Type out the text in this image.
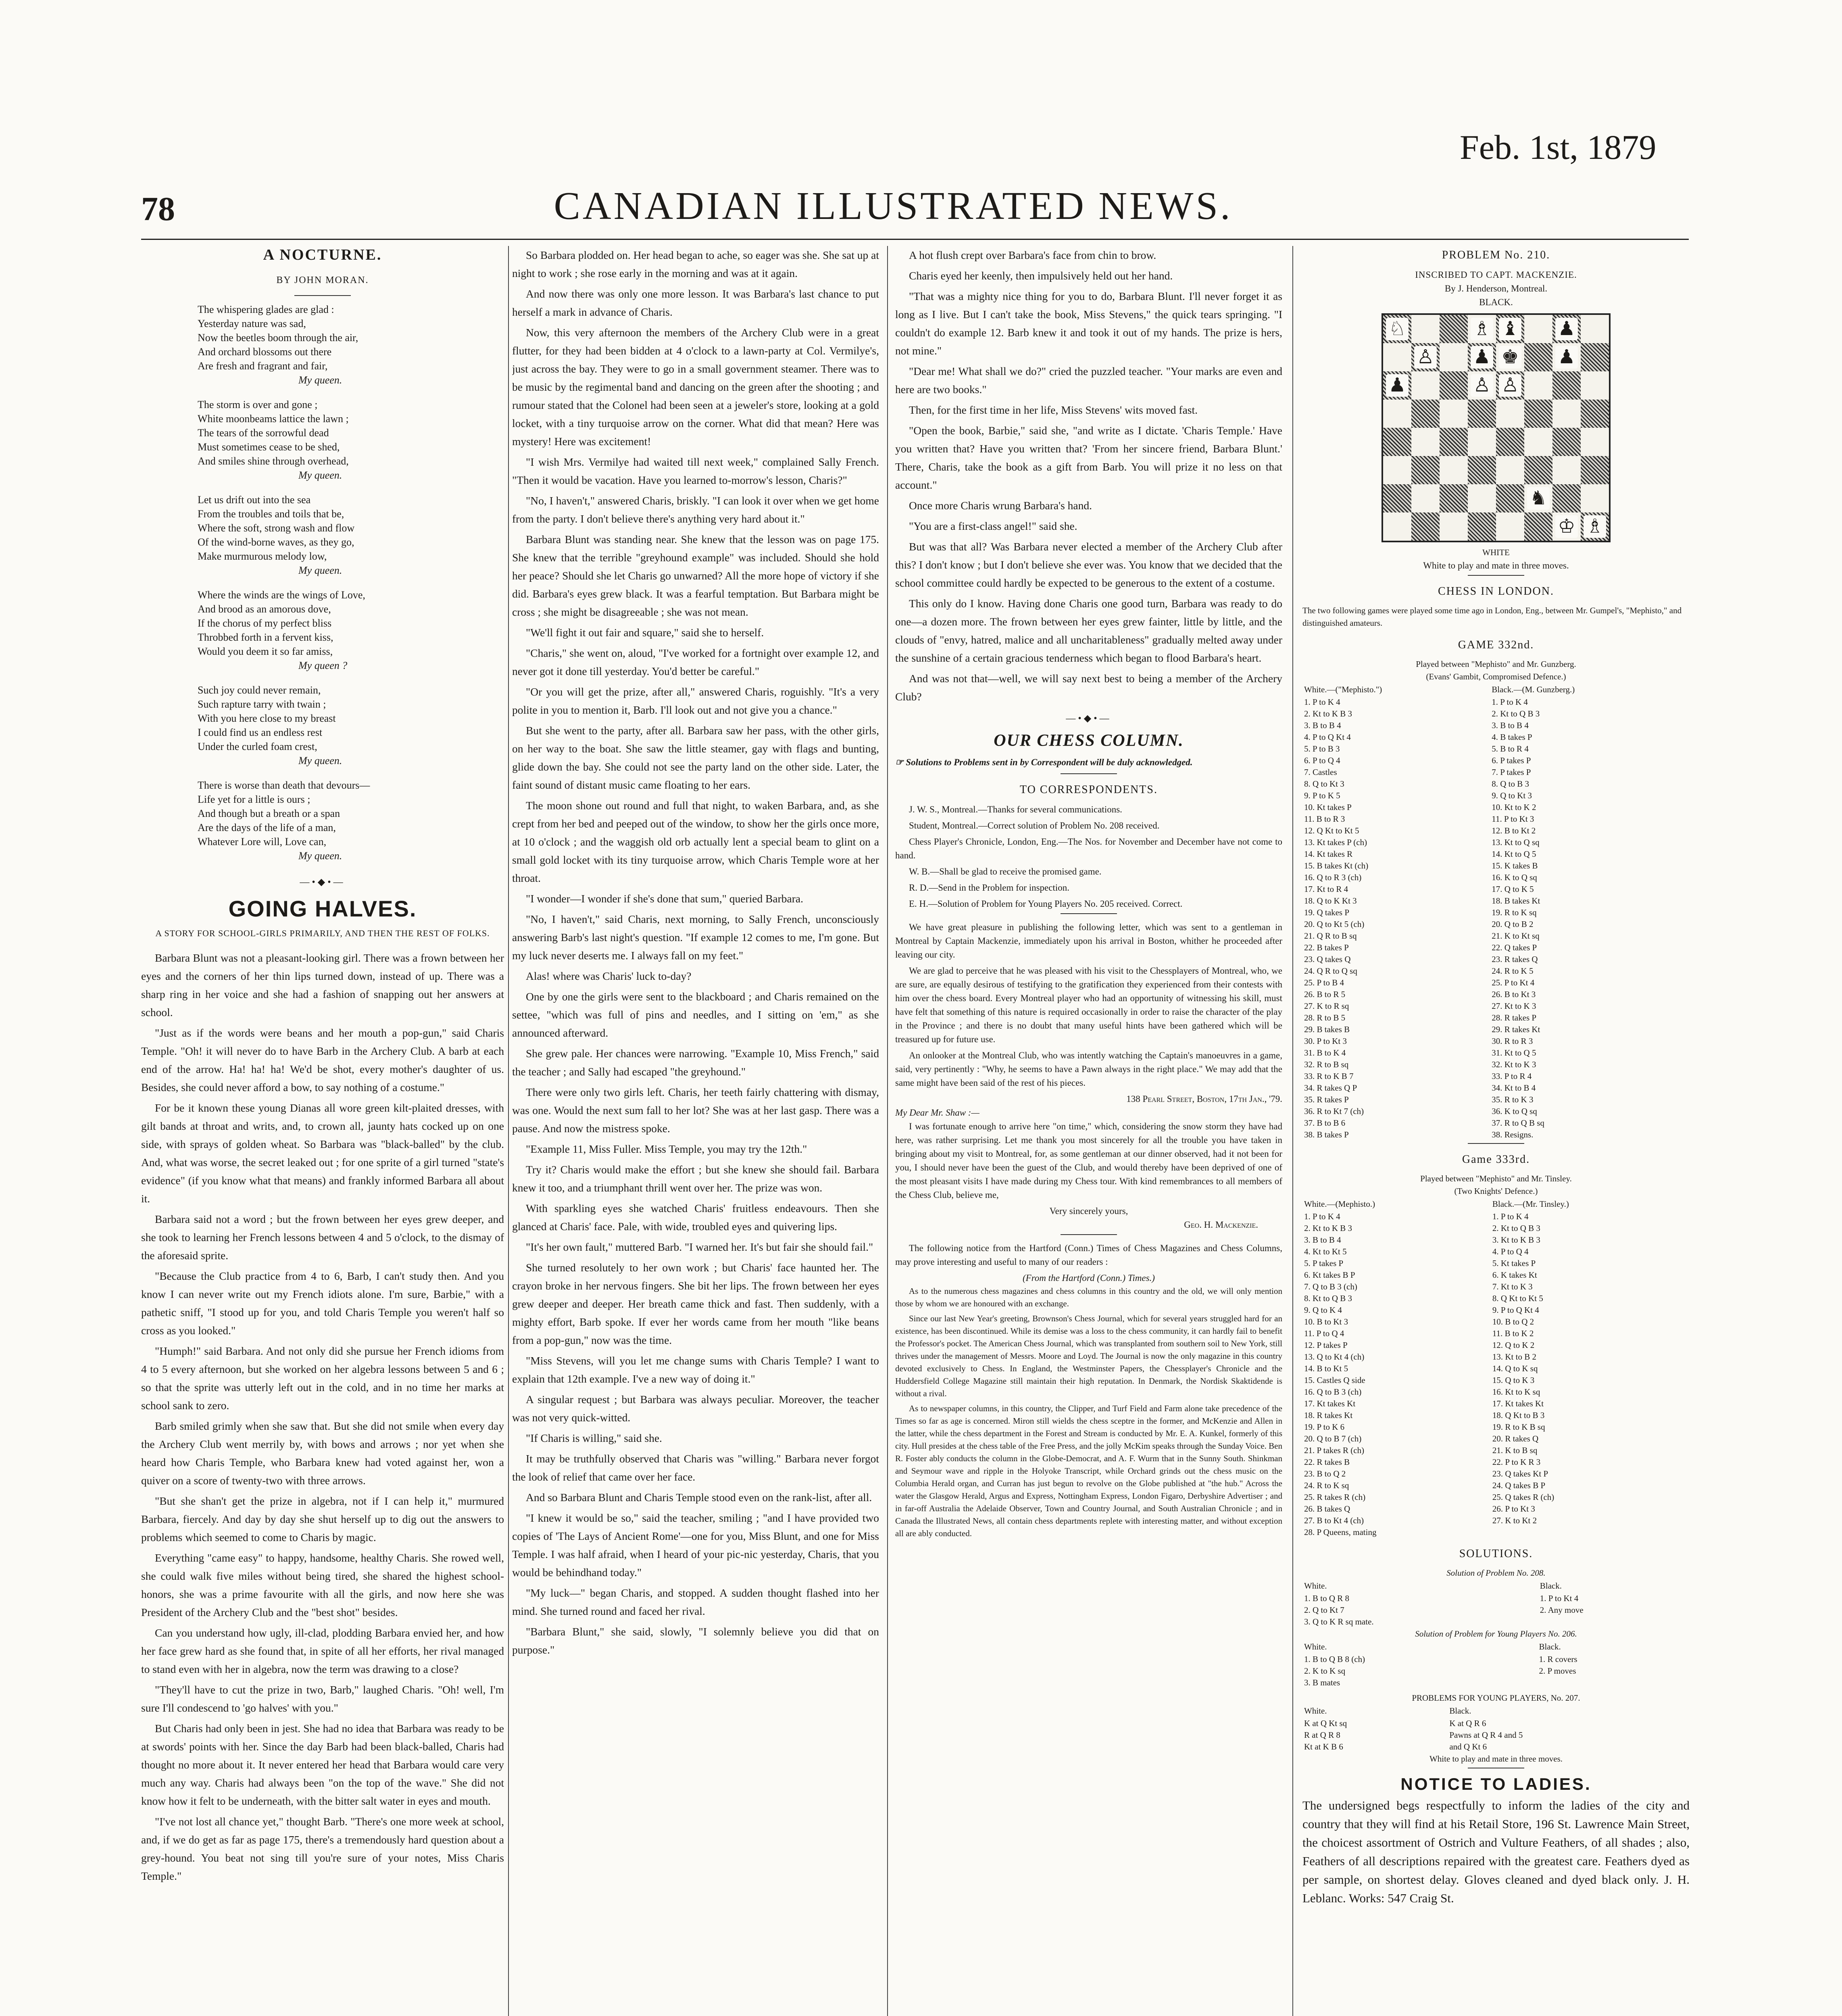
78	CANADIAN ILLUSTRATED NEWS.
Feb. 1st, 1879
A NOCTURNE.
BY JOHN MORAN.
The whispering glades are glad :
Yesterday nature was sad,
Now the beetles boom through the air,
And orchard blossoms out there
Are fresh and fragrant and fair,
My queen.
The storm is over and gone ;
White moonbeams lattice the lawn ;
The tears of the sorrowful dead
Must sometimes cease to be shed,
And smiles shine through overhead,
My queen.
Let us drift out into the sea
From the troubles and toils that be,
Where the soft, strong wash and flow
Of the wind-borne waves, as they go,
Make murmurous melody low,
My queen.
Where the winds are the wings of Love,
And brood as an amorous dove,
If the chorus of my perfect bliss
Throbbed forth in a fervent kiss,
Would you deem it so far amiss,
My queen ?
Such joy could never remain,
Such rapture tarry with twain ;
With you here close to my breast
I could find us an endless rest
Under the curled foam crest,
My queen.
There is worse than death that devours—
Life yet for a little is ours ;
And though but a breath or a span
Are the days of the life of a man,
Whatever Lore will, Love can,
My queen.
—•◆•—
GOING HALVES.
A STORY FOR SCHOOL-GIRLS PRIMARILY, AND THEN THE REST OF FOLKS.

Barbara Blunt was not a pleasant-looking girl. There was a frown between her eyes and the corners of her thin lips turned down, instead of up. There was a sharp ring in her voice and she had a fashion of snapping out her answers at school.

"Just as if the words were beans and her mouth a pop-gun," said Charis Temple. "Oh! it will never do to have Barb in the Archery Club. A barb at each end of the arrow. Ha! ha! ha! We'd be shot, every mother's daughter of us. Besides, she could never afford a bow, to say nothing of a costume."

For be it known these young Dianas all wore green kilt-plaited dresses, with gilt bands at throat and writs, and, to crown all, jaunty hats cocked up on one side, with sprays of golden wheat. So Barbara was "black-balled" by the club. And, what was worse, the secret leaked out ; for one sprite of a girl turned "state's evidence" (if you know what that means) and frankly informed Barbara all about it.

Barbara said not a word ; but the frown between her eyes grew deeper, and she took to learning her French lessons between 4 and 5 o'clock, to the dismay of the aforesaid sprite.

"Because the Club practice from 4 to 6, Barb, I can't study then. And you know I can never write out my French idiots alone. I'm sure, Barbie," with a pathetic sniff, "I stood up for you, and told Charis Temple you weren't half so cross as you looked."

"Humph!" said Barbara. And not only did she pursue her French idioms from 4 to 5 every afternoon, but she worked on her algebra lessons between 5 and 6 ; so that the sprite was utterly left out in the cold, and in no time her marks at school sank to zero.

Barb smiled grimly when she saw that. But she did not smile when every day the Archery Club went merrily by, with bows and arrows ; nor yet when she heard how Charis Temple, who Barbara knew had voted against her, won a quiver on a score of twenty-two with three arrows.

"But she shan't get the prize in algebra, not if I can help it," murmured Barbara, fiercely. And day by day she shut herself up to dig out the answers to problems which seemed to come to Charis by magic.

Everything "came easy" to happy, handsome, healthy Charis. She rowed well, she could walk five miles without being tired, she shared the highest school-honors, she was a prime favourite with all the girls, and now here she was President of the Archery Club and the "best shot" besides.

Can you understand how ugly, ill-clad, plodding Barbara envied her, and how her face grew hard as she found that, in spite of all her efforts, her rival managed to stand even with her in algebra, now the term was drawing to a close?

"They'll have to cut the prize in two, Barb," laughed Charis. "Oh! well, I'm sure I'll condescend to 'go halves' with you."

But Charis had only been in jest. She had no idea that Barbara was ready to be at swords' points with her. Since the day Barb had been black-balled, Charis had thought no more about it. It never entered her head that Barbara would care very much any way. Charis had always been "on the top of the wave." She did not know how it felt to be underneath, with the bitter salt water in eyes and mouth.

"I've not lost all chance yet," thought Barb. "There's one more week at school, and, if we do get as far as page 175, there's a tremendously hard question about a grey-hound. You beat not sing till you're sure of your notes, Miss Charis Temple."

So Barbara plodded on. Her head began to ache, so eager was she. She sat up at night to work ; she rose early in the morning and was at it again.

And now there was only one more lesson. It was Barbara's last chance to put herself a mark in advance of Charis.

Now, this very afternoon the members of the Archery Club were in a great flutter, for they had been bidden at 4 o'clock to a lawn-party at Col. Vermilye's, just across the bay. They were to go in a small government steamer. There was to be music by the regimental band and dancing on the green after the shooting ; and rumour stated that the Colonel had been seen at a jeweler's store, looking at a gold locket, with a tiny turquoise arrow on the corner. What did that mean? Here was mystery! Here was excitement!

"I wish Mrs. Vermilye had waited till next week," complained Sally French. "Then it would be vacation. Have you learned to-morrow's lesson, Charis?"

"No, I haven't," answered Charis, briskly. "I can look it over when we get home from the party. I don't believe there's anything very hard about it."

Barbara Blunt was standing near. She knew that the lesson was on page 175. She knew that the terrible "greyhound example" was included. Should she hold her peace? Should she let Charis go unwarned? All the more hope of victory if she did. Barbara's eyes grew black. It was a fearful temptation. But Barbara might be cross ; she might be disagreeable ; she was not mean.

"We'll fight it out fair and square," said she to herself.

"Charis," she went on, aloud, "I've worked for a fortnight over example 12, and never got it done till yesterday. You'd better be careful."

"Or you will get the prize, after all," answered Charis, roguishly. "It's a very polite in you to mention it, Barb. I'll look out and not give you a chance."

But she went to the party, after all. Barbara saw her pass, with the other girls, on her way to the boat. She saw the little steamer, gay with flags and bunting, glide down the bay. She could not see the party land on the other side. Later, the faint sound of distant music came floating to her ears.

The moon shone out round and full that night, to waken Barbara, and, as she crept from her bed and peeped out of the window, to show her the girls once more, at 10 o'clock ; and the waggish old orb actually lent a special beam to glint on a small gold locket with its tiny turquoise arrow, which Charis Temple wore at her throat.

"I wonder—I wonder if she's done that sum," queried Barbara.

"No, I haven't," said Charis, next morning, to Sally French, unconsciously answering Barb's last night's question. "If example 12 comes to me, I'm gone. But my luck never deserts me. I always fall on my feet."

Alas! where was Charis' luck to-day?

One by one the girls were sent to the blackboard ; and Charis remained on the settee, "which was full of pins and needles, and I sitting on 'em," as she announced afterward.

She grew pale. Her chances were narrowing. "Example 10, Miss French," said the teacher ; and Sally had escaped "the greyhound."

There were only two girls left. Charis, her teeth fairly chattering with dismay, was one. Would the next sum fall to her lot? She was at her last gasp. There was a pause. And now the mistress spoke.

"Example 11, Miss Fuller. Miss Temple, you may try the 12th."

Try it? Charis would make the effort ; but she knew she should fail. Barbara knew it too, and a triumphant thrill went over her. The prize was won.

With sparkling eyes she watched Charis' fruitless endeavours. Then she glanced at Charis' face. Pale, with wide, troubled eyes and quivering lips.

"It's her own fault," muttered Barb. "I warned her. It's but fair she should fail."

She turned resolutely to her own work ; but Charis' face haunted her. The crayon broke in her nervous fingers. She bit her lips. The frown between her eyes grew deeper and deeper. Her breath came thick and fast. Then suddenly, with a mighty effort, Barb spoke. If ever her words came from her mouth "like beans from a pop-gun," now was the time.

"Miss Stevens, will you let me change sums with Charis Temple? I want to explain that 12th example. I've a new way of doing it."

A singular request ; but Barbara was always peculiar. Moreover, the teacher was not very quick-witted.

"If Charis is willing," said she.

It may be truthfully observed that Charis was "willing." Barbara never forgot the look of relief that came over her face.

And so Barbara Blunt and Charis Temple stood even on the rank-list, after all.

"I knew it would be so," said the teacher, smiling ; "and I have provided two copies of 'The Lays of Ancient Rome'—one for you, Miss Blunt, and one for Miss Temple. I was half afraid, when I heard of your pic-nic yesterday, Charis, that you would be behindhand today."

"My luck—" began Charis, and stopped. A sudden thought flashed into her mind. She turned round and faced her rival.

"Barbara Blunt," she said, slowly, "I solemnly believe you did that on purpose."

A hot flush crept over Barbara's face from chin to brow.

Charis eyed her keenly, then impulsively held out her hand.

"That was a mighty nice thing for you to do, Barbara Blunt. I'll never forget it as long as I live. But I can't take the book, Miss Stevens," the quick tears springing. "I couldn't do example 12. Barb knew it and took it out of my hands. The prize is hers, not mine."

"Dear me! What shall we do?" cried the puzzled teacher. "Your marks are even and here are two books."

Then, for the first time in her life, Miss Stevens' wits moved fast.

"Open the book, Barbie," said she, "and write as I dictate. 'Charis Temple.' Have you written that? Have you written that? 'From her sincere friend, Barbara Blunt.' There, Charis, take the book as a gift from Barb. You will prize it no less on that account."

Once more Charis wrung Barbara's hand.

"You are a first-class angel!" said she.

But was that all? Was Barbara never elected a member of the Archery Club after this? I don't know ; but I don't believe she ever was. You know that we decided that the school committee could hardly be expected to be generous to the extent of a costume.

This only do I know. Having done Charis one good turn, Barbara was ready to do one—a dozen more. The frown between her eyes grew fainter, little by little, and the clouds of "envy, hatred, malice and all uncharitableness" gradually melted away under the sunshine of a certain gracious tenderness which began to flood Barbara's heart.

And was not that—well, we will say next best to being a member of the Archery Club?

—•◆•—
OUR CHESS COLUMN.
☞ Solutions to Problems sent in by Correspondent will be duly acknowledged.
TO CORRESPONDENTS.

J. W. S., Montreal.—Thanks for several communications.

Student, Montreal.—Correct solution of Problem No. 208 received.

Chess Player's Chronicle, London, Eng.—The Nos. for November and December have not come to hand.

W. B.—Shall be glad to receive the promised game.

R. D.—Send in the Problem for inspection.

E. H.—Solution of Problem for Young Players No. 205 received. Correct.

We have great pleasure in publishing the following letter, which was sent to a gentleman in Montreal by Captain Mackenzie, immediately upon his arrival in Boston, whither he proceeded after leaving our city.

We are glad to perceive that he was pleased with his visit to the Chessplayers of Montreal, who, we are sure, are equally desirous of testifying to the gratification they experienced from their contests with him over the chess board. Every Montreal player who had an opportunity of witnessing his skill, must have felt that something of this nature is required occasionally in order to raise the character of the play in the Province ; and there is no doubt that many useful hints have been gathered which will be treasured up for future use.

An onlooker at the Montreal Club, who was intently watching the Captain's manoeuvres in a game, said, very pertinently : "Why, he seems to have a Pawn always in the right place." We may add that the same might have been said of the rest of his pieces.

138 Pearl Street, Boston, 17th Jan., '79.
My Dear Mr. Shaw :—

I was fortunate enough to arrive here "on time," which, considering the snow storm they have had here, was rather surprising. Let me thank you most sincerely for all the trouble you have taken in bringing about my visit to Montreal, for, as some gentleman at our dinner observed, had it not been for you, I should never have been the guest of the Club, and would thereby have been deprived of one of the most pleasant visits I have made during my Chess tour. With kind remembrances to all members of the Chess Club, believe me,

Very sincerely yours,
Geo. H. Mackenzie.

The following notice from the Hartford (Conn.) Times of Chess Magazines and Chess Columns, may prove interesting and useful to many of our readers :

(From the Hartford (Conn.) Times.)

As to the numerous chess magazines and chess columns in this country and the old, we will only mention those by whom we are honoured with an exchange.

Since our last New Year's greeting, Brownson's Chess Journal, which for several years struggled hard for an existence, has been discontinued. While its demise was a loss to the chess community, it can hardly fail to benefit the Professor's pocket. The American Chess Journal, which was transplanted from southern soil to New York, still thrives under the management of Messrs. Moore and Loyd. The Journal is now the only magazine in this country devoted exclusively to Chess. In England, the Westminster Papers, the Chessplayer's Chronicle and the Huddersfield College Magazine still maintain their high reputation. In Denmark, the Nordisk Skaktidende is without a rival.

As to newspaper columns, in this country, the Clipper, and Turf Field and Farm alone take precedence of the Times so far as age is concerned. Miron still wields the chess sceptre in the former, and McKenzie and Allen in the latter, while the chess department in the Forest and Stream is conducted by Mr. E. A. Kunkel, formerly of this city. Hull presides at the chess table of the Free Press, and the jolly McKim speaks through the Sunday Voice. Ben R. Foster ably conducts the column in the Globe-Democrat, and A. F. Wurm that in the Sunny South. Shinkman and Seymour wave and ripple in the Holyoke Transcript, while Orchard grinds out the chess music on the Columbia Herald organ, and Curran has just begun to revolve on the Globe published at "the hub." Across the water the Glasgow Herald, Argus and Express, Nottingham Express, London Figaro, Derbyshire Advertiser ; and in far-off Australia the Adelaide Observer, Town and Country Journal, and South Australian Chronicle ; and in Canada the Illustrated News, all contain chess departments replete with interesting matter, and without exception all are ably conducted.

PROBLEM No. 210.
INSCRIBED TO CAPT. MACKENZIE.
By J. Henderson, Montreal.
BLACK.
♘	♗ ♝ ♟
♙ ♟ ♚ ♟
♟	♙ ♙
♞
♔ ♗
WHITE
White to play and mate in three moves.
CHESS IN LONDON.
The two following games were played some time ago in London, Eng., between Mr. Gumpel's, "Mephisto," and distinguished amateurs.
GAME 332nd.
Played between "Mephisto" and Mr. Gunzberg.
(Evans' Gambit, Compromised Defence.)
White.—("Mephisto.")	Black.—(M. Gunzberg.)
1. P to K 4	1. P to K 4
2. Kt to K B 3	2. Kt to Q B 3
3. B to B 4	3. B to B 4
4. P to Q Kt 4	4. B takes P
5. P to B 3	5. B to R 4
6. P to Q 4	6. P takes P
7. Castles	7. P takes P
8. Q to Kt 3	8. Q to B 3
9. P to K 5	9. Q to Kt 3
10. Kt takes P	10. Kt to K 2
11. B to R 3	11. P to Kt 3
12. Q Kt to Kt 5	12. B to Kt 2
13. Kt takes P (ch)	13. Kt to Q sq
14. Kt takes R	14. Kt to Q 5
15. B takes Kt (ch)	15. K takes B
16. Q to R 3 (ch)	16. K to Q sq
17. Kt to R 4	17. Q to K 5
18. Q to K Kt 3	18. B takes Kt
19. Q takes P	19. R to K sq
20. Q to Kt 5 (ch)	20. Q to B 2
21. Q R to B sq	21. K to Kt sq
22. B takes P	22. Q takes P
23. Q takes Q	23. R takes Q
24. Q R to Q sq	24. R to K 5
25. P to B 4	25. P to Kt 4
26. B to R 5	26. B to Kt 3
27. K to R sq	27. Kt to K 3
28. R to B 5	28. R takes P
29. B takes B	29. R takes Kt
30. P to Kt 3	30. R to R 3
31. B to K 4	31. Kt to Q 5
32. R to B sq	32. Kt to K 3
33. R to K B 7	33. P to R 4
34. R takes Q P	34. Kt to B 4
35. R takes P	35. R to K 3
36. R to Kt 7 (ch)	36. K to Q sq
37. B to B 6	37. R to Q B sq
38. B takes P	38. Resigns.
Game 333rd.
Played between "Mephisto" and Mr. Tinsley.
(Two Knights' Defence.)
White.—(Mephisto.)	Black.—(Mr. Tinsley.)
1. P to K 4	1. P to K 4
2. Kt to K B 3	2. Kt to Q B 3
3. B to B 4	3. Kt to K B 3
4. Kt to Kt 5	4. P to Q 4
5. P takes P	5. Kt takes P
6. Kt takes B P	6. K takes Kt
7. Q to B 3 (ch)	7. Kt to K 3
8. Kt to Q B 3	8. Q Kt to Kt 5
9. Q to K 4	9. P to Q Kt 4
10. B to Kt 3	10. B to Q 2
11. P to Q 4	11. B to K 2
12. P takes P	12. Q to K 2
13. Q to Kt 4 (ch)	13. Kt to B 2
14. B to Kt 5	14. Q to K sq
15. Castles Q side	15. Q to K 3
16. Q to B 3 (ch)	16. Kt to K sq
17. Kt takes Kt	17. Kt takes Kt
18. R takes Kt	18. Q Kt to B 3
19. P to K 6	19. R to K B sq
20. Q to B 7 (ch)	20. R takes Q
21. P takes R (ch)	21. K to B sq
22. R takes B	22. P to K R 3
23. B to Q 2	23. Q takes Kt P
24. R to K sq	24. Q takes B P
25. R takes R (ch)	25. Q takes R (ch)
26. B takes Q	26. P to Kt 3
27. B to Kt 4 (ch)	27. K to Kt 2
28. P Queens, mating	
SOLUTIONS.
Solution of Problem No. 208.
White.	Black.
1. B to Q R 8	1. P to Kt 4
2. Q to Kt 7	2. Any move
3. Q to K R sq mate.	
Solution of Problem for Young Players No. 206.
White.	Black.
1. B to Q B 8 (ch)	1. R covers
2. K to K sq	2. P moves
3. B mates	
PROBLEMS FOR YOUNG PLAYERS, No. 207.
White.	Black.
K at Q Kt sq	K at Q R 6
R at Q R 8	Pawns at Q R 4 and 5
Kt at K B 6	and Q Kt 6
White to play and mate in three moves.
NOTICE TO LADIES.
The undersigned begs respectfully to inform the ladies of the city and country that they will find at his Retail Store, 196 St. Lawrence Main Street, the choicest assortment of Ostrich and Vulture Feathers, of all shades ; also, Feathers of all descriptions repaired with the greatest care. Feathers dyed as per sample, on shortest delay. Gloves cleaned and dyed black only. J. H. Leblanc. Works: 547 Craig St.
